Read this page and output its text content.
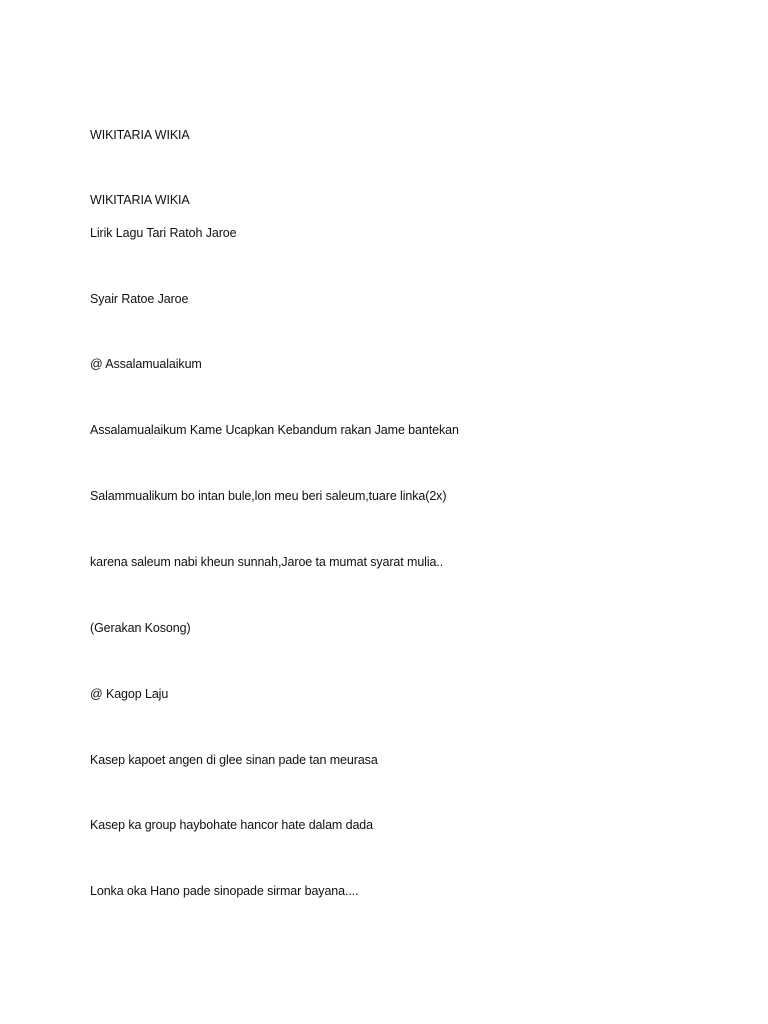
WIKITARIA WIKIA
WIKITARIA WIKIA
Lirik Lagu Tari Ratoh Jaroe
Syair Ratoe Jaroe
@ Assalamualaikum
Assalamualaikum Kame Ucapkan Kebandum rakan Jame bantekan
Salammualikum bo intan bule,lon meu beri saleum,tuare linka(2x)
karena saleum nabi kheun sunnah,Jaroe ta mumat syarat mulia..
(Gerakan Kosong)
@ Kagop Laju
Kasep kapoet angen di glee sinan pade tan meurasa
Kasep ka group haybohate hancor hate dalam dada
Lonka oka Hano pade sinopade sirmar bayana....
